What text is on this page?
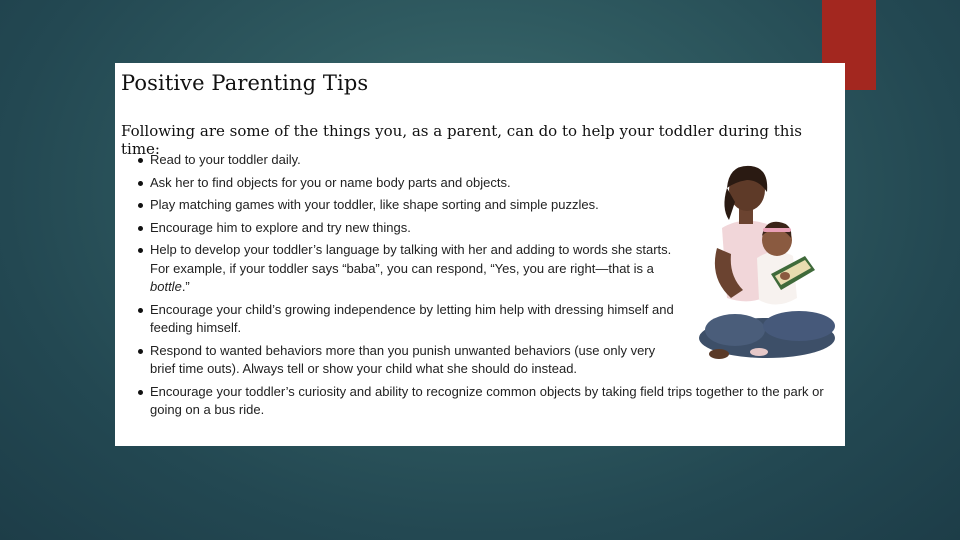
Positive Parenting Tips
Following are some of the things you, as a parent, can do to help your toddler during this time:
Read to your toddler daily.
Ask her to find objects for you or name body parts and objects.
Play matching games with your toddler, like shape sorting and simple puzzles.
Encourage him to explore and try new things.
Help to develop your toddler’s language by talking with her and adding to words she starts. For example, if your toddler says “baba”, you can respond, “Yes, you are right—that is a bottle.”
Encourage your child’s growing independence by letting him help with dressing himself and feeding himself.
Respond to wanted behaviors more than you punish unwanted behaviors (use only very brief time outs). Always tell or show your child what she should do instead.
Encourage your toddler’s curiosity and ability to recognize common objects by taking field trips together to the park or going on a bus ride.
